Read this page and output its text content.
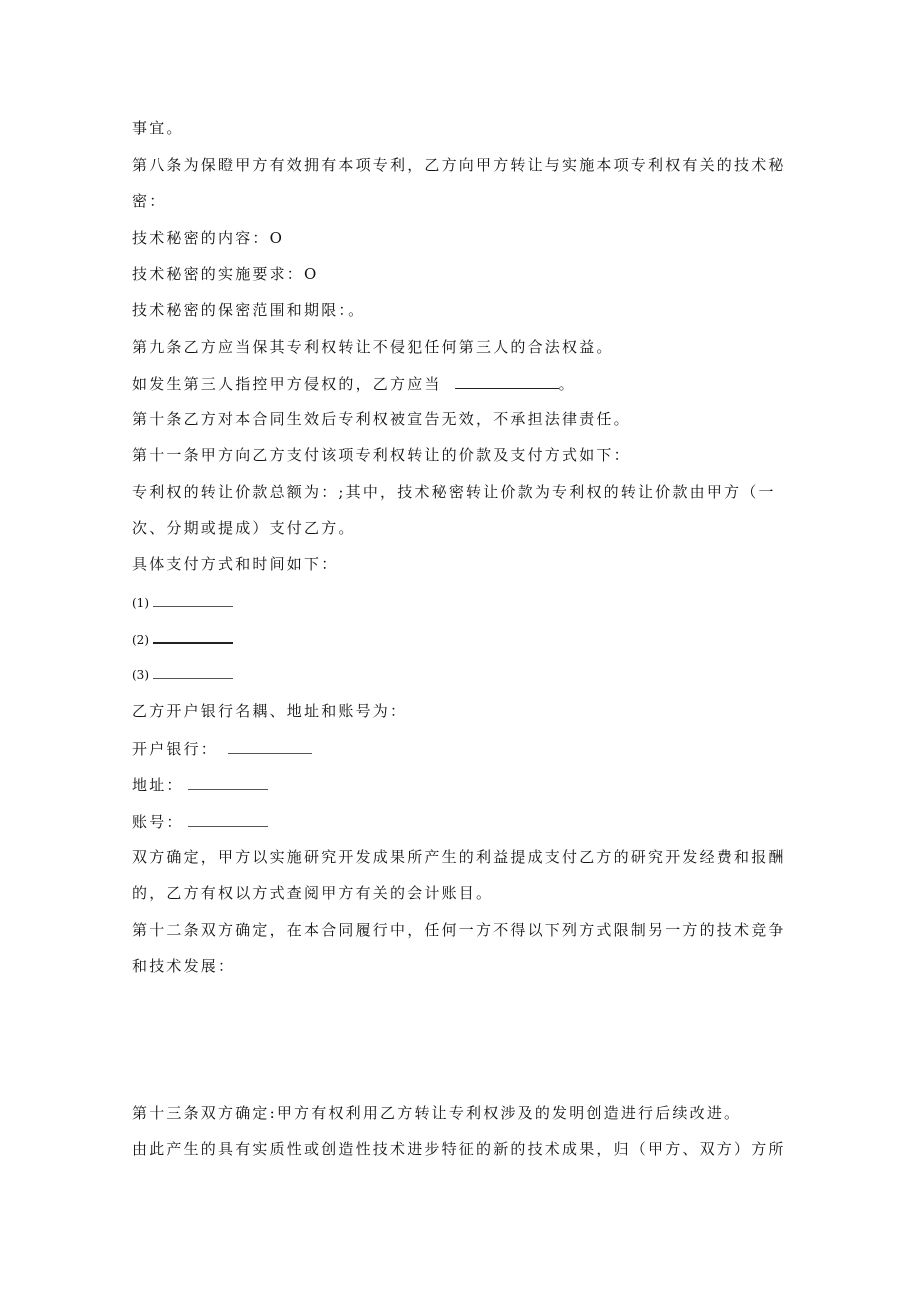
事宜。
第八条为保瞪甲方有效拥有本项专利，乙方向甲方转让与实施本项专利权有关的技术秘
密：
技术秘密的内容：O
技术秘密的实施要求：O
技术秘密的保密范围和期限：。
第九条乙方应当保其专利权转让不侵犯任何第三人的合法权益。
如发生第三人指控甲方侵权的，乙方应当	。
第十条乙方对本合同生效后专利权被宣告无效，不承担法律责任。
第十一条甲方向乙方支付该项专利权转让的价款及支付方式如下：
专利权的转让价款总额为：;其中，技术秘密转让价款为专利权的转让价款由甲方（一
次、分期或提成）支付乙方。
具体支付方式和时间如下：
(1)
(2)
(3)
乙方开户银行名耦、地址和账号为：
开户银行：
地址：
账号：
双方确定，甲方以实施研究开发成果所产生的利益提成支付乙方的研究开发经费和报酬
的，乙方有权以方式查阅甲方有关的会计账目。
第十二条双方确定，在本合同履行中，任何一方不得以下列方式限制另一方的技术竞争
和技术发展：
第十三条双方确定:甲方有权利用乙方转让专利权涉及的发明创造进行后续改进。
由此产生的具有实质性或创造性技术进步特征的新的技术成果，归（甲方、双方）方所
